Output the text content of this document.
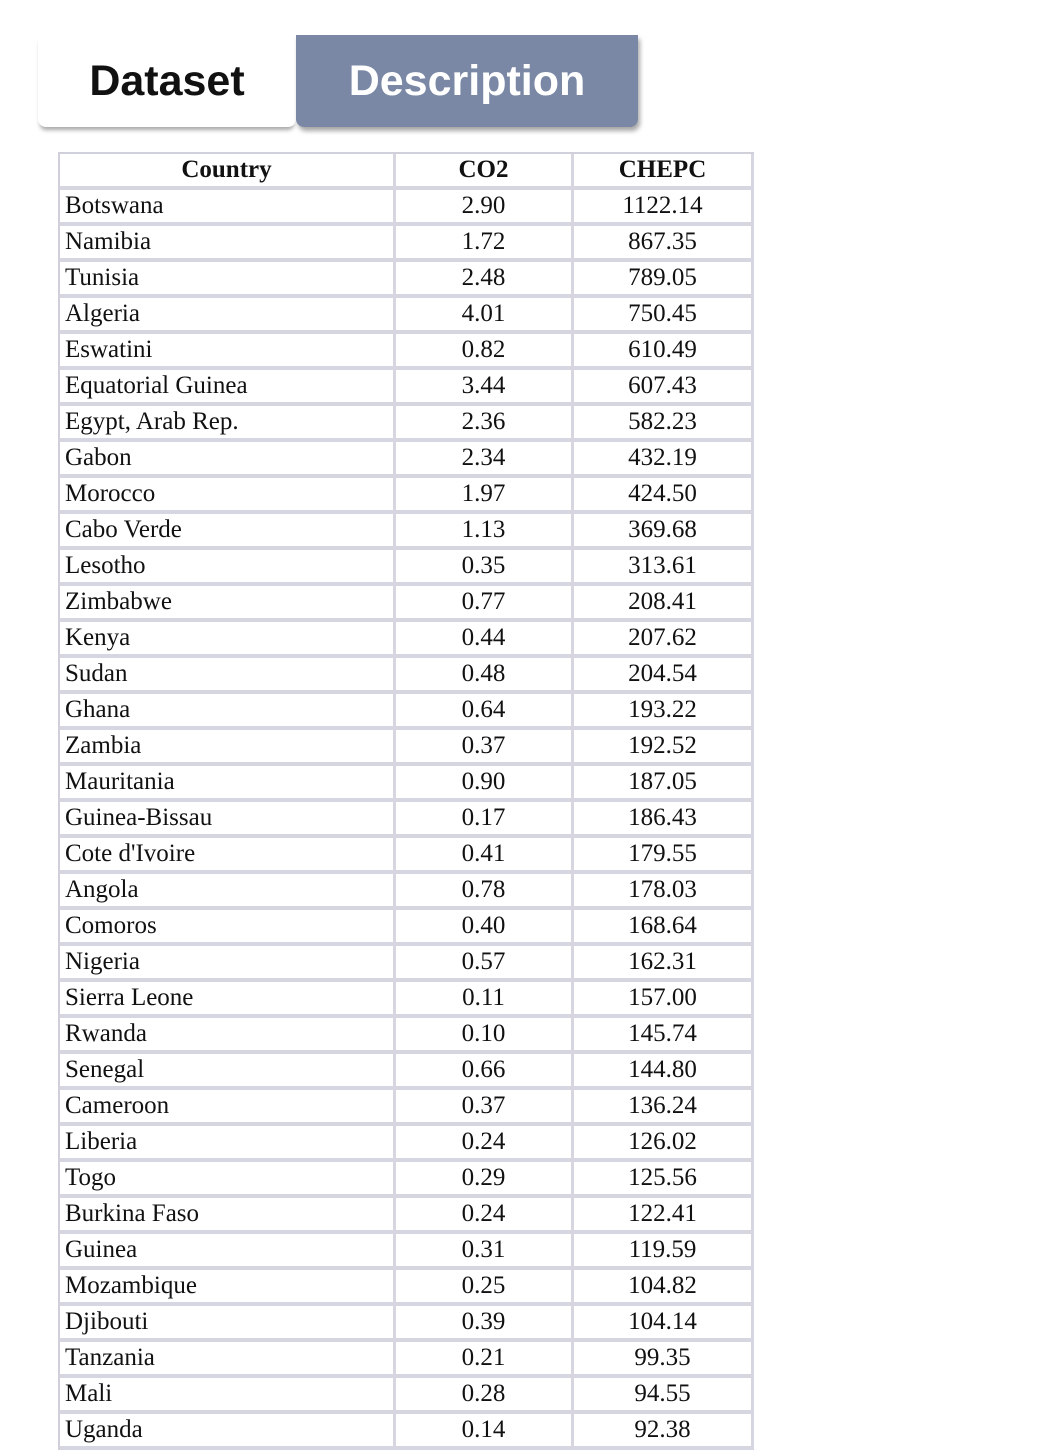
Dataset	Description
Country	CO2	CHEPC
Botswana	2.90	1122.14
Namibia	1.72	867.35
Tunisia	2.48	789.05
Algeria	4.01	750.45
Eswatini	0.82	610.49
Equatorial Guinea	3.44	607.43
Egypt, Arab Rep.	2.36	582.23
Gabon	2.34	432.19
Morocco	1.97	424.50
Cabo Verde	1.13	369.68
Lesotho	0.35	313.61
Zimbabwe	0.77	208.41
Kenya	0.44	207.62
Sudan	0.48	204.54
Ghana	0.64	193.22
Zambia	0.37	192.52
Mauritania	0.90	187.05
Guinea-Bissau	0.17	186.43
Cote d'Ivoire	0.41	179.55
Angola	0.78	178.03
Comoros	0.40	168.64
Nigeria	0.57	162.31
Sierra Leone	0.11	157.00
Rwanda	0.10	145.74
Senegal	0.66	144.80
Cameroon	0.37	136.24
Liberia	0.24	126.02
Togo	0.29	125.56
Burkina Faso	0.24	122.41
Guinea	0.31	119.59
Mozambique	0.25	104.82
Djibouti	0.39	104.14
Tanzania	0.21	99.35
Mali	0.28	94.55
Uganda	0.14	92.38
